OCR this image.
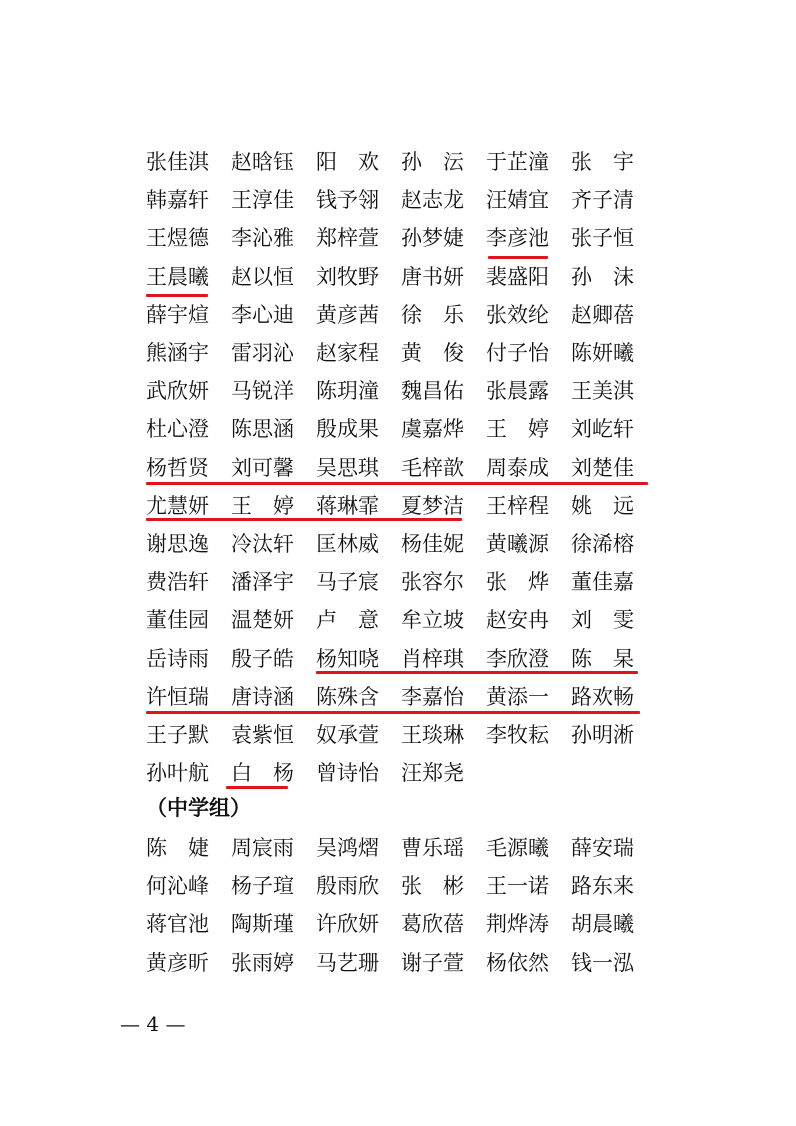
张佳淇	赵晗钰	阳　欢	孙　沄	于芷潼	张　宇
韩嘉轩	王淳佳	钱予翎	赵志龙	汪婧宜	齐子清
王煜德	李沁雅	郑梓萱	孙梦婕	李彦池	张子恒
王晨曦	赵以恒	刘牧野	唐书妍	裴盛阳	孙　沫
薛宇煊	李心迪	黄彦茜	徐　乐	张效纶	赵卿蓓
熊涵宇	雷羽沁	赵家程	黄　俊	付子怡	陈妍曦
武欣妍	马锐洋	陈玥潼	魏昌佑	张晨露	王美淇
杜心澄	陈思涵	殷成果	虞嘉烨	王　婷	刘屹轩
杨哲贤	刘可馨	吴思琪	毛梓歆	周泰成	刘楚佳
尤慧妍	王　婷	蒋琳霏	夏梦洁	王梓程	姚　远
谢思逸	冷汰轩	匡林威	杨佳妮	黄曦源	徐浠榕
费浩轩	潘泽宇	马子宸	张容尔	张　烨	董佳嘉
董佳园	温楚妍	卢　意	牟立坡	赵安冉	刘　雯
岳诗雨	殷子皓	杨知哓	肖梓琪	李欣澄	陈　杲
许恒瑞	唐诗涵	陈殊含	李嘉怡	黄添一	路欢畅
王子默	袁紫恒	奴承萱	王琰琳	李牧耘	孙明淅
孙叶航	白　杨	曾诗怡	汪郑尧
（中学组）
陈　婕	周宸雨	吴鸿熠	曹乐瑶	毛源曦	薛安瑞
何沁峰	杨子瑄	殷雨欣	张　彬	王一诺	路东来
蒋官池	陶斯瑾	许欣妍	葛欣蓓	荆烨涛	胡晨曦
黄彦昕	张雨婷	马艺珊	谢子萱	杨依然	钱一泓
— 4 —
